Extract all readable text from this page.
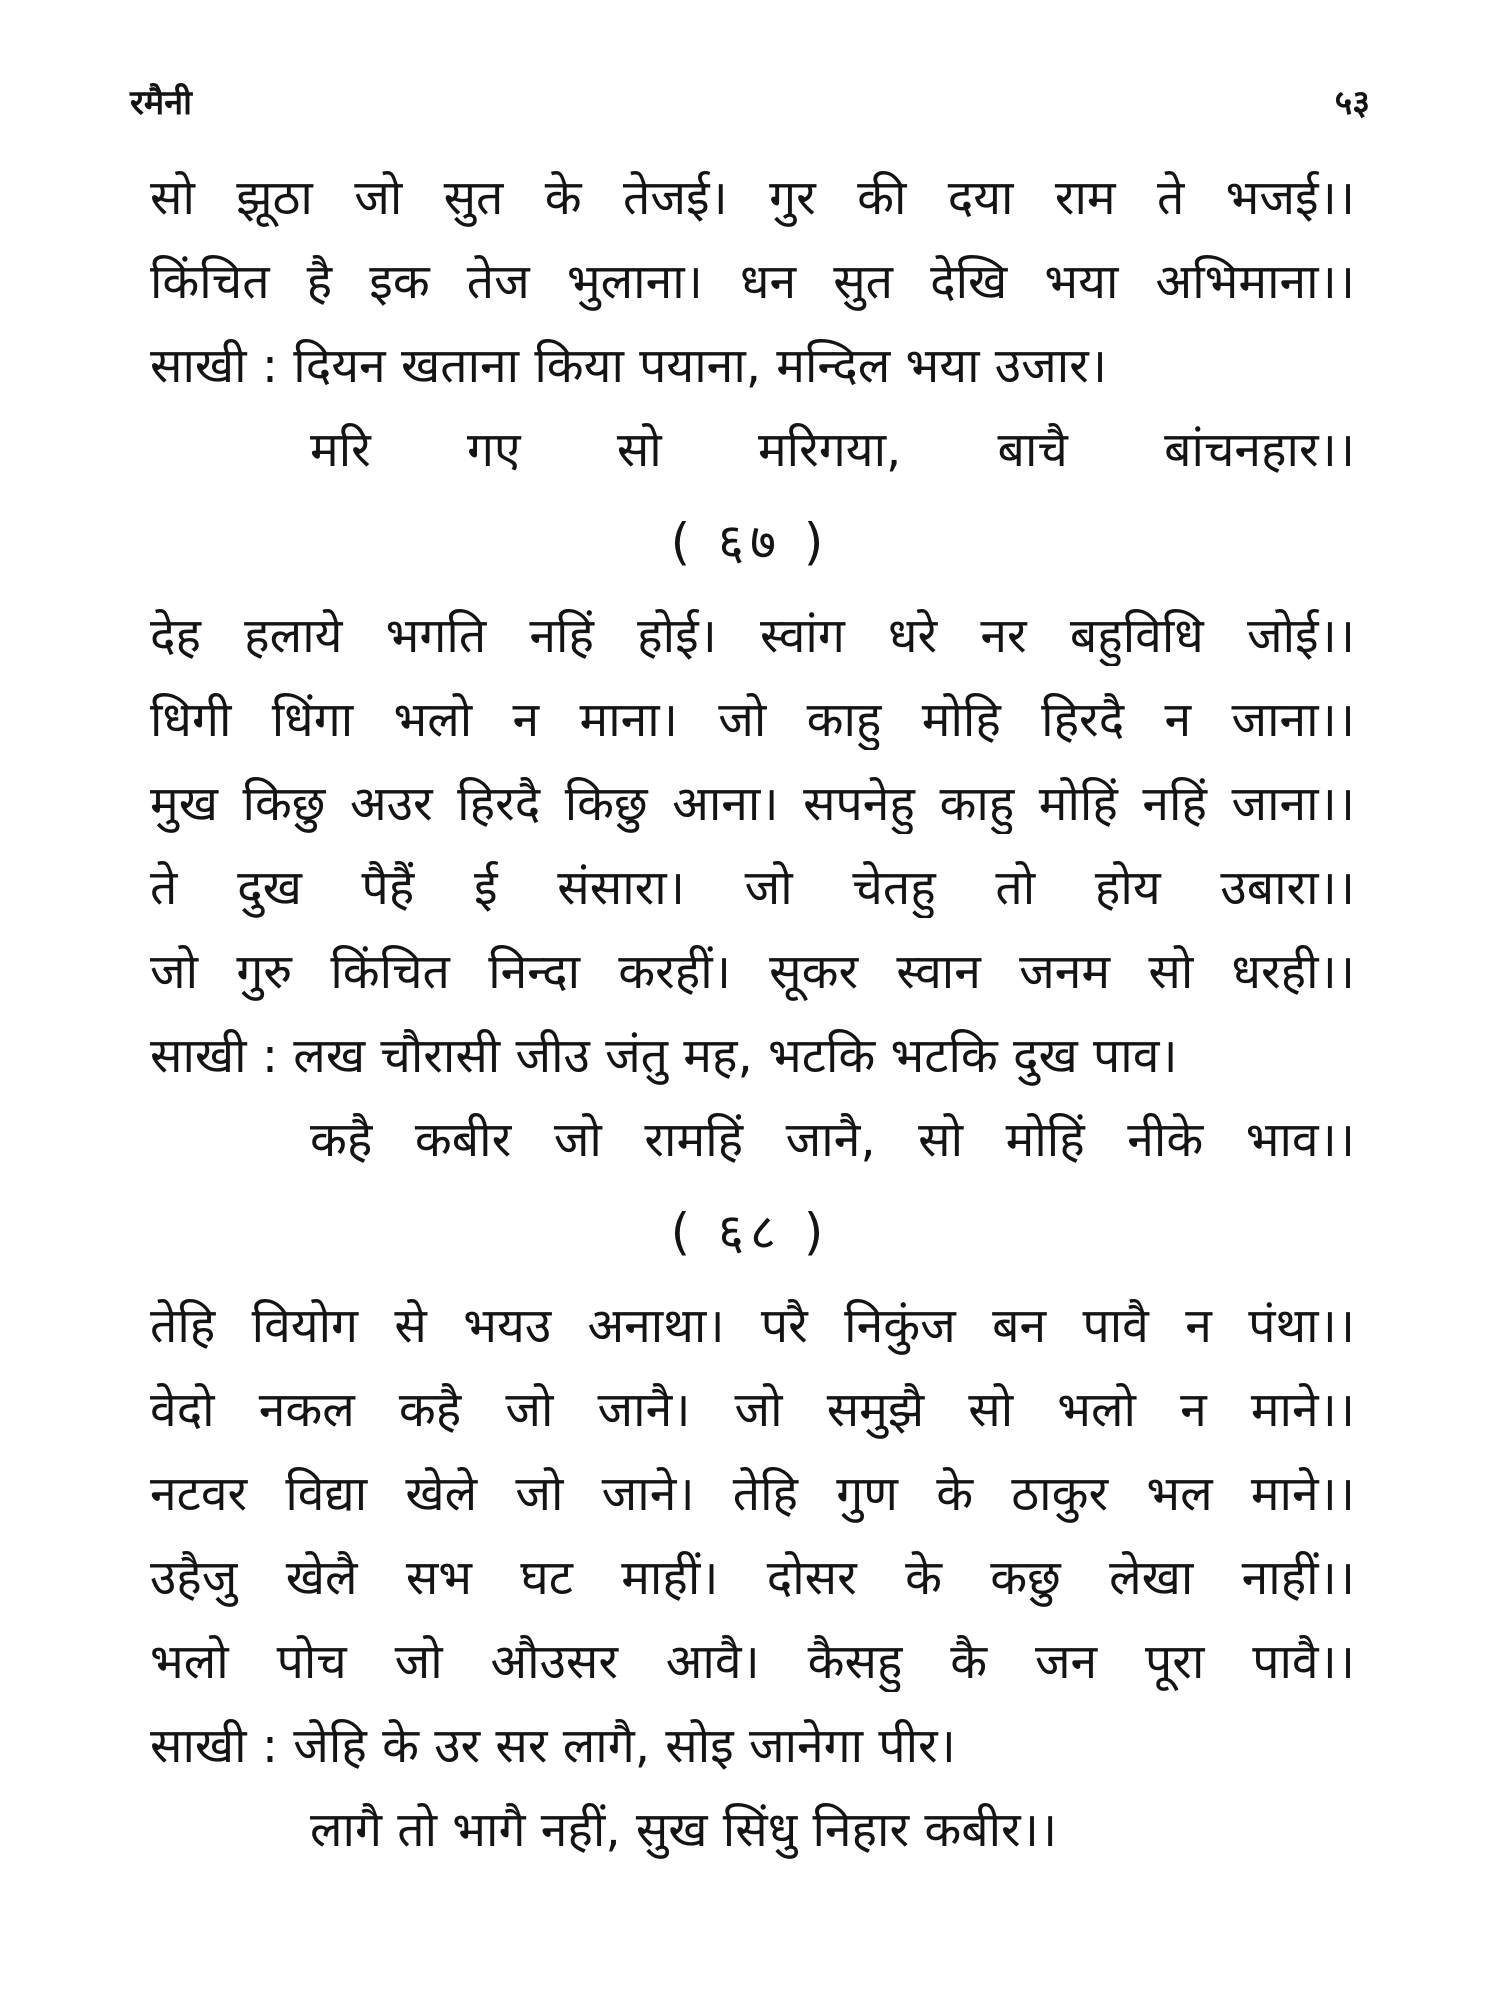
रमैनी	५३
सो झूठा जो सुत के तेजई। गुर की दया राम ते भजई।।
किंचित है इक तेज भुलाना। धन सुत देखि भया अभिमाना।।
साखी : दियन खताना किया पयाना, मन्दिल भया उजार।
मरि गए सो मरिगया, बाचै बांचनहार।।
( ६७ )
देह हलाये भगति नहिं होई। स्वांग धरे नर बहुविधि जोई।।
धिगी धिंगा भलो न माना। जो काहु मोहि हिरदै न जाना।।
मुख किछु अउर हिरदै किछु आना। सपनेहु काहु मोहिं नहिं जाना।।
ते दुख पैहैं ई संसारा। जो चेतहु तो होय उबारा।।
जो गुरु किंचित निन्दा करहीं। सूकर स्वान जनम सो धरही।।
साखी : लख चौरासी जीउ जंतु मह, भटकि भटकि दुख पाव।
कहै कबीर जो रामहिं जानै, सो मोहिं नीके भाव।।
( ६८ )
तेहि वियोग से भयउ अनाथा। परै निकुंज बन पावै न पंथा।।
वेदो नकल कहै जो जानै। जो समुझै सो भलो न माने।।
नटवर विद्या खेले जो जाने। तेहि गुण के ठाकुर भल माने।।
उहैजु खेलै सभ घट माहीं। दोसर के कछु लेखा नाहीं।।
भलो पोच जो औउसर आवै। कैसहु कै जन पूरा पावै।।
साखी : जेहि के उर सर लागै, सोइ जानेगा पीर।
लागै तो भागै नहीं, सुख सिंधु निहार कबीर।।
